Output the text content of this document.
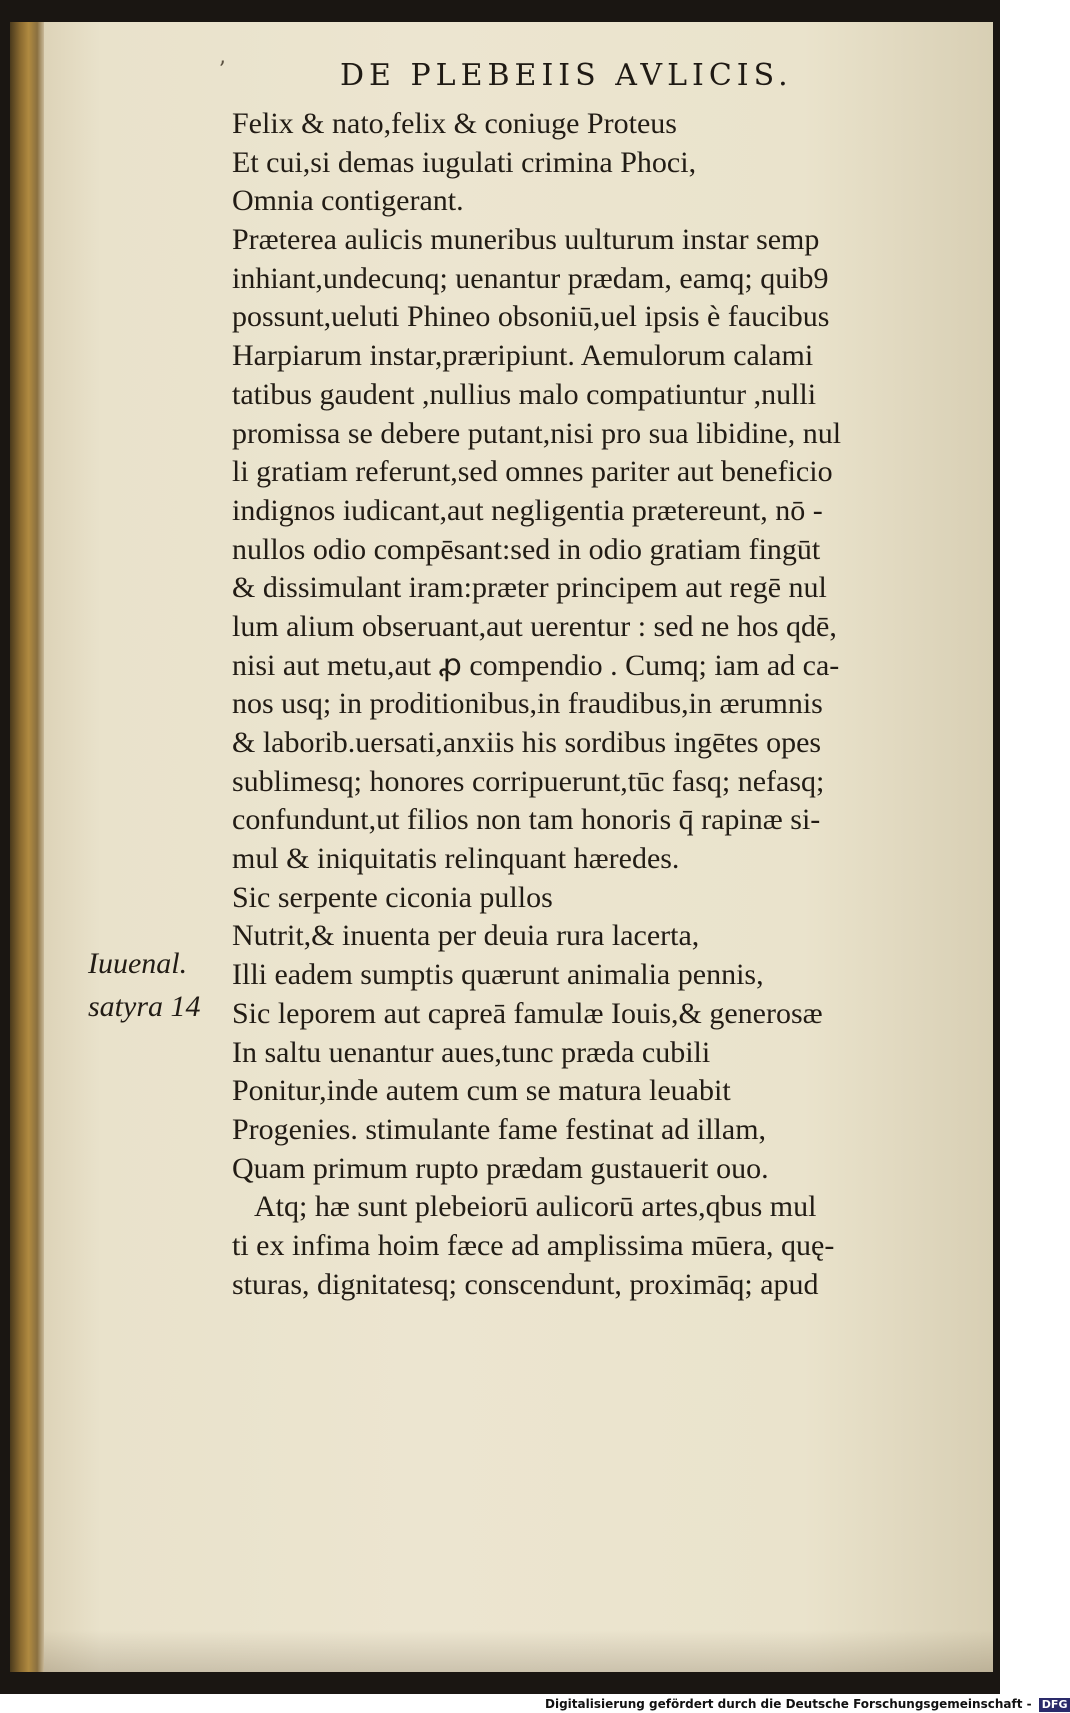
ʼ	DE PLEBEIIS AVLICIS.
Felix & nato,felix & coniuge Proteus
Et cui,si demas iugulati crimina Phoci,
Omnia contigerant.
Præterea aulicis muneribus uulturum instar semp
inhiant,undecunq; uenantur prædam, eamq; quib9
possunt,ueluti Phineo obsoniū,uel ipsis è faucibus
Harpiarum instar,præripiunt. Aemulorum calami
tatibus gaudent ,nullius malo compatiuntur ,nulli
promissa se debere putant,nisi pro sua libidine, nul
li gratiam referunt,sed omnes pariter aut beneficio
indignos iudicant,aut negligentia prætereunt, nō -
nullos odio compēsant:sed in odio gratiam fingūt
& dissimulant iram:præter principem aut regē nul
lum alium obseruant,aut uerentur : sed ne hos qdē,
nisi aut metu,aut ꝓ compendio . Cumq; iam ad ca-
nos usq; in proditionibus,in fraudibus,in ærumnis
& laborib.uersati,anxiis his sordibus ingētes opes
sublimesq; honores corripuerunt,tūc fasq; nefasq;
confundunt,ut filios non tam honoris q̄ rapinæ si-
mul & iniquitatis relinquant hæredes.
Sic serpente ciconia pullos
Nutrit,& inuenta per deuia rura lacerta,
Illi eadem sumptis quærunt animalia pennis,
Sic leporem aut capreā famulæ Iouis,& generosæ
In saltu uenantur aues,tunc præda cubili
Ponitur,inde autem cum se matura leuabit
Progenies. stimulante fame festinat ad illam,
Quam primum rupto prædam gustauerit ouo.
Atq; hæ sunt plebeiorū aulicorū artes,qbus mul
ti ex infima hoim fæce ad amplissima mūera, quę-
sturas, dignitatesq; conscendunt, proximāq; apud
Iuuenal.
satyra 14
Digitalisierung gefördert durch die Deutsche Forschungsgemeinschaft - DFG
